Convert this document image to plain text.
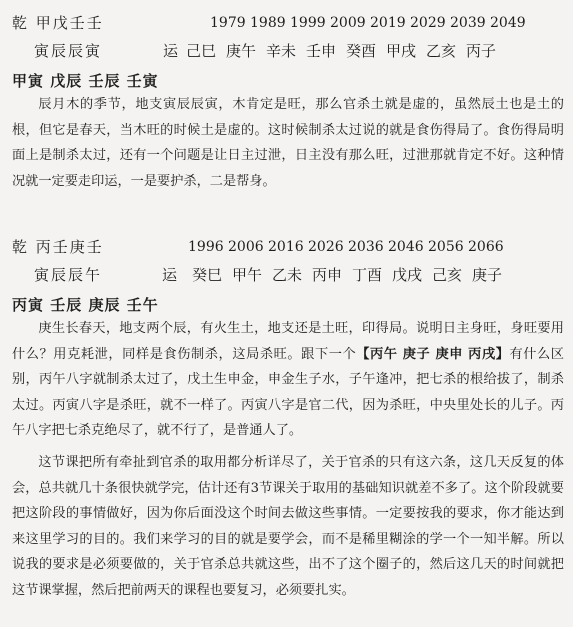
乾 甲戊壬壬	1979 1989 1999 2009 2019 2029 2039 2049
寅辰辰寅	运 己巳 庚午 辛未 壬申 癸酉 甲戌 乙亥 丙子
甲寅 戊辰 壬辰 壬寅

辰月木的季节，地支寅辰辰寅，木肯定是旺，那么官杀土就是虚的，虽然辰土也是土的根，但它是春天，当木旺的时候土是虚的。这时候制杀太过说的就是食伤得局了。食伤得局明面上是制杀太过，还有一个问题是让日主过泄，日主没有那么旺，过泄那就肯定不好。这种情况就一定要走印运，一是要护杀，二是帮身。

乾 丙壬庚壬	1996 2006 2016 2026 2036 2046 2056 2066
寅辰辰午	运 癸巳 甲午 乙未 丙申 丁酉 戊戌 己亥 庚子
丙寅 壬辰 庚辰 壬午

庚生长春天，地支两个辰，有火生土，地支还是土旺，印得局。说明日主身旺，身旺要用什么？用克耗泄，同样是食伤制杀，这局杀旺。跟下一个【丙午 庚子 庚申 丙戌】有什么区别，丙午八字就制杀太过了，戊土生申金，申金生子水，子午逢冲，把七杀的根给拔了，制杀太过。丙寅八字是杀旺，就不一样了。丙寅八字是官二代，因为杀旺，中央里处长的儿子。丙午八字把七杀克绝尽了，就不行了，是普通人了。

这节课把所有牵扯到官杀的取用都分析详尽了，关于官杀的只有这六条，这几天反复的体会，总共就几十条很快就学完，估计还有3节课关于取用的基础知识就差不多了。这个阶段就要把这阶段的事情做好，因为你后面没这个时间去做这些事情。一定要按我的要求，你才能达到来这里学习的目的。我们来学习的目的就是要学会，而不是稀里糊涂的学一个一知半解。所以说我的要求是必须要做的，关于官杀总共就这些，出不了这个圈子的，然后这几天的时间就把这节课掌握，然后把前两天的课程也要复习，必须要扎实。
